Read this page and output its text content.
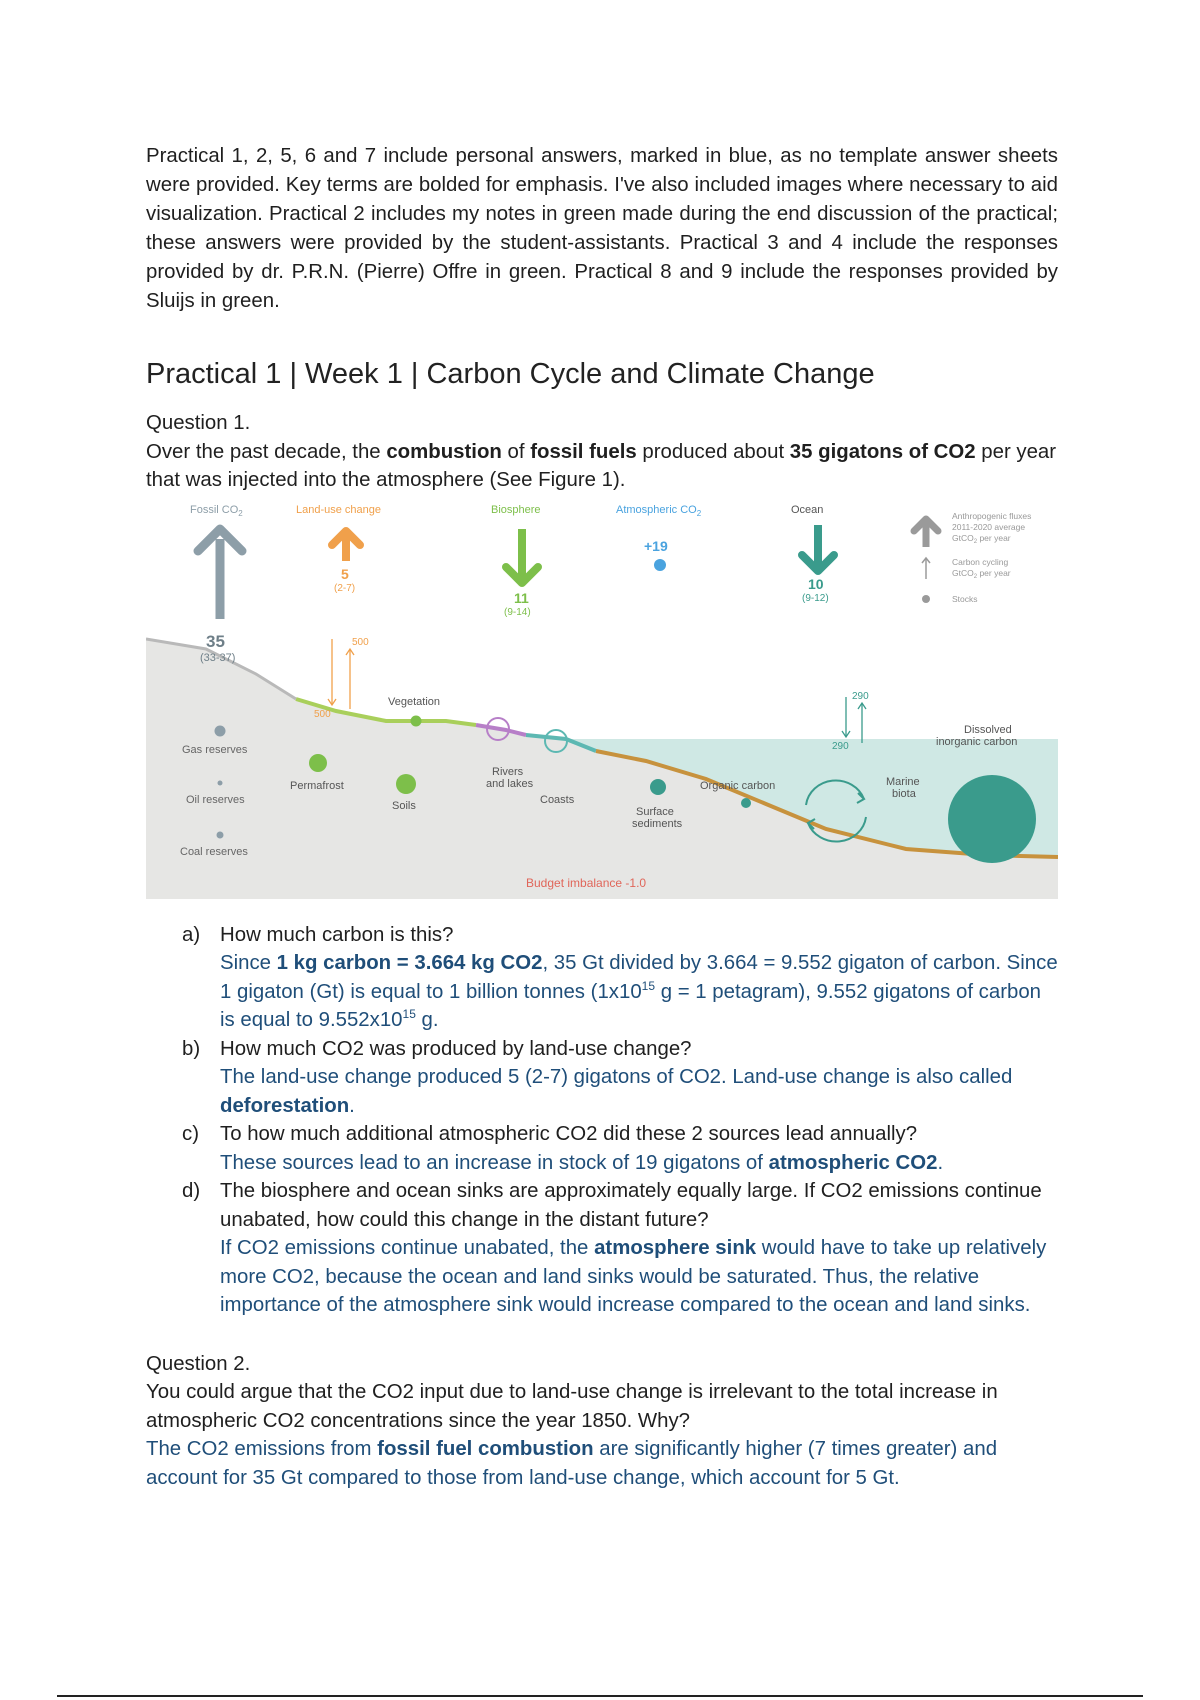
Practical 1, 2, 5, 6 and 7 include personal answers, marked in blue, as no template answer sheets were provided. Key terms are bolded for emphasis. I've also included images where necessary to aid visualization. Practical 2 includes my notes in green made during the end discussion of the practical; these answers were provided by the student-assistants. Practical 3 and 4 include the responses provided by dr. P.R.N. (Pierre) Offre in green. Practical 8 and 9 include the responses provided by Sluijs in green.

Practical 1 | Week 1 | Carbon Cycle and Climate Change

Question 1.

Over the past decade, the combustion of fossil fuels produced about 35 gigatons of CO2 per year that was injected into the atmosphere (See Figure 1).

Fossil $CO_2$	Land-use change	Biosphere	Atmospheric $CO_2$	Ocean
35
(33-37)
5
(2-7)
11
(9-14)
+19
10
(9-12)
Anthropogenic fluxes
2011-2020 average
GtCO$_2$ per year
Carbon cycling
GtCO$_2$ per year
Stocks
500
500
290
290
Gas reserves
Oil reserves
Coal reserves
Permafrost
Vegetation
Soils
Rivers
and lakes
Coasts
Surface
sediments
Organic carbon	Marine
biota
Dissolved
inorganic carbon
Budget imbalance -1.0
a) How much carbon is this?
Since 1 kg carbon = 3.664 kg CO2, 35 Gt divided by 3.664 = 9.552 gigaton of carbon. Since 1 gigaton (Gt) is equal to 1 billion tonnes ($1x10^{15}$ g = 1 petagram), 9.552 gigatons of carbon is equal to $9.552x10^{15}$ g.
b) How much CO2 was produced by land-use change?
The land-use change produced 5 (2-7) gigatons of CO2. Land-use change is also called deforestation.
c) To how much additional atmospheric CO2 did these 2 sources lead annually?
These sources lead to an increase in stock of 19 gigatons of atmospheric CO2.
d) The biosphere and ocean sinks are approximately equally large. If CO2 emissions continue unabated, how could this change in the distant future?
If CO2 emissions continue unabated, the atmosphere sink would have to take up relatively more CO2, because the ocean and land sinks would be saturated. Thus, the relative importance of the atmosphere sink would increase compared to the ocean and land sinks.

Question 2.

You could argue that the CO2 input due to land-use change is irrelevant to the total increase in atmospheric CO2 concentrations since the year 1850. Why?

The CO2 emissions from fossil fuel combustion are significantly higher (7 times greater) and account for 35 Gt compared to those from land-use change, which account for 5 Gt.
